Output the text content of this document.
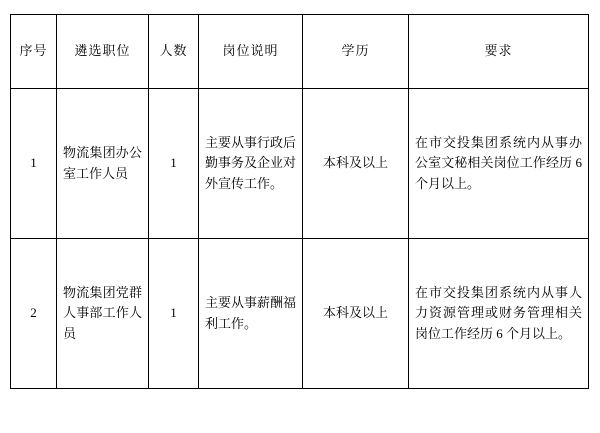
序号	遴选职位	人数	岗位说明	学历	要求
1	物流集团办公室工作人员	1	主要从事行政后勤事务及企业对外宣传工作。	本科及以上	在市交投集团系统内从事办公室文秘相关岗位工作经历 6 个月以上。
2	物流集团党群人事部工作人员	1	主要从事薪酬福利工作。	本科及以上	在市交投集团系统内从事人力资源管理或财务管理相关岗位工作经历 6 个月以上。
